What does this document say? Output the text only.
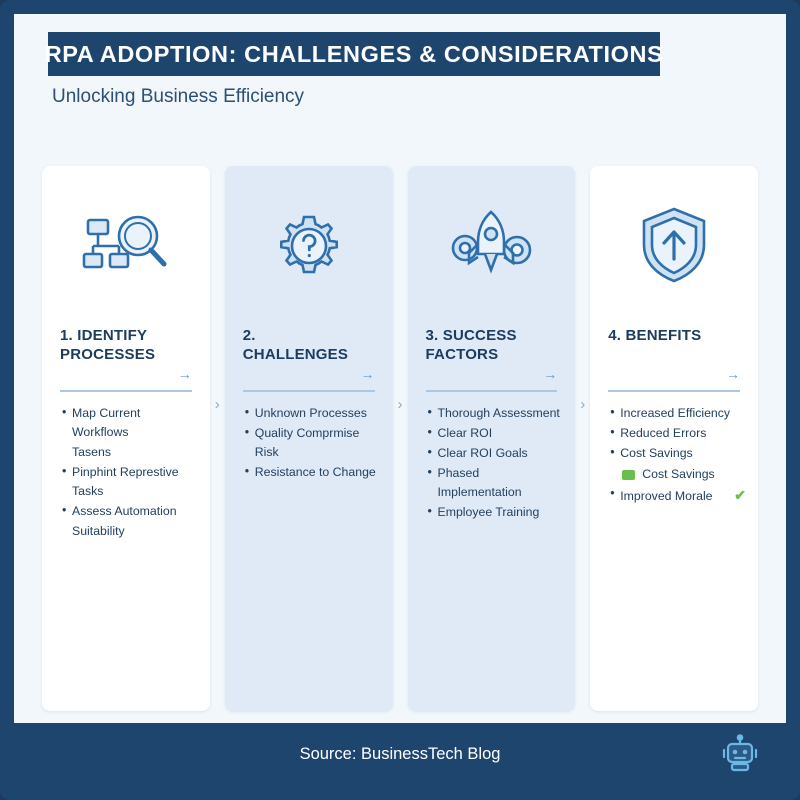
RPA ADOPTION: CHALLENGES & CONSIDERATIONS
Unlocking Business Efficiency
1. IDENTIFY PROCESSES
→
• Map Current Workflows
Tasens
• Pinphint Represtive Tasks
• Assess Automation
Suitability
›
2. CHALLENGES
→
• Unknown Processes
• Quality Comprmise Risk
• Resistance to Change
›
3. SUCCESS FACTORS
→
• Thorough Assessment
• Clear ROI
• Clear ROI Goals
• Phased Implementation
• Employee Training
›
4. BENEFITS
→
• Increased Efficiency
• Reduced Errors
• Cost Savings
Cost Savings
• Improved Morale ✔
Source: BusinessTech Blog
